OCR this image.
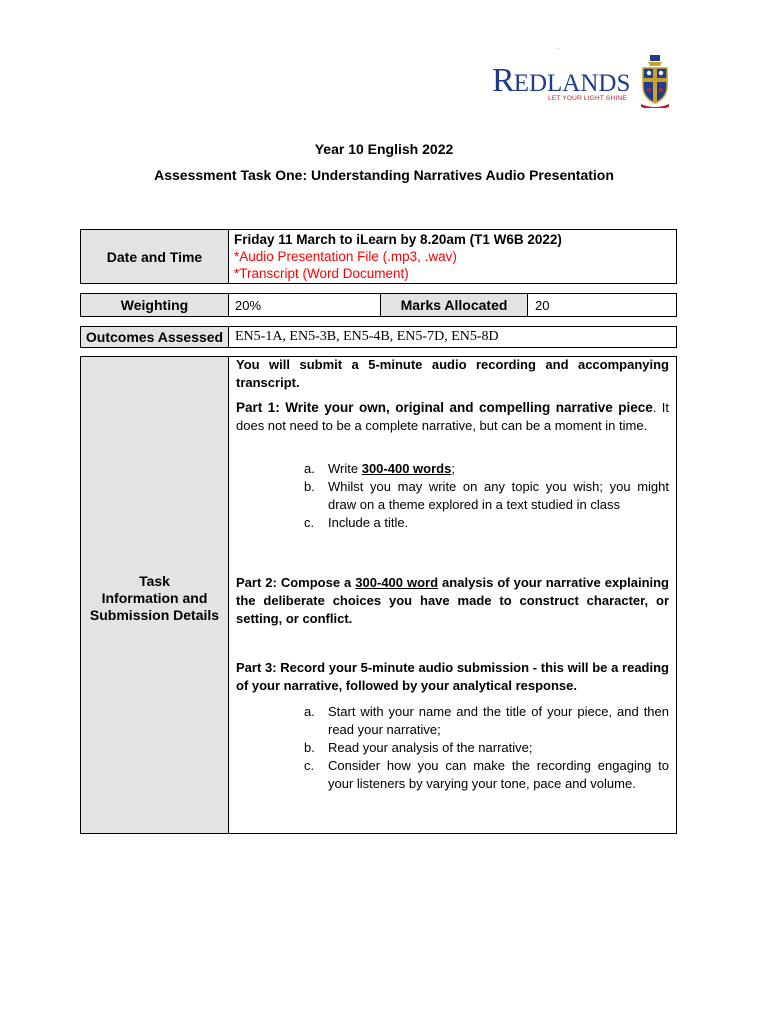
· ·
REDLANDS
LET YOUR LIGHT SHINE
Year 10 English 2022
Assessment Task One: Understanding Narratives Audio Presentation
Date and Time
Friday 11 March to iLearn by 8.20am (T1 W6B 2022)
*Audio Presentation File (.mp3, .wav)
*Transcript (Word Document)
Weighting	20%	Marks Allocated	20
Outcomes Assessed EN5-1A, EN5-3B, EN5-4B, EN5-7D, EN5-8D
Task
Information and
Submission Details
You will submit a 5-minute audio recording and accompanying transcript.
Part 1: Write your own, original and compelling narrative piece. It does not need to be a complete narrative, but can be a moment in time.
a. Write 300-400 words;
b. Whilst you may write on any topic you wish; you might draw on a theme explored in a text studied in class
c. Include a title.
Part 2: Compose a 300-400 word analysis of your narrative explaining the deliberate choices you have made to construct character, or setting, or conflict.
Part 3: Record your 5-minute audio submission - this will be a reading of your narrative, followed by your analytical response.
a. Start with your name and the title of your piece, and then read your narrative;
b. Read your analysis of the narrative;
c. Consider how you can make the recording engaging to your listeners by varying your tone, pace and volume.
